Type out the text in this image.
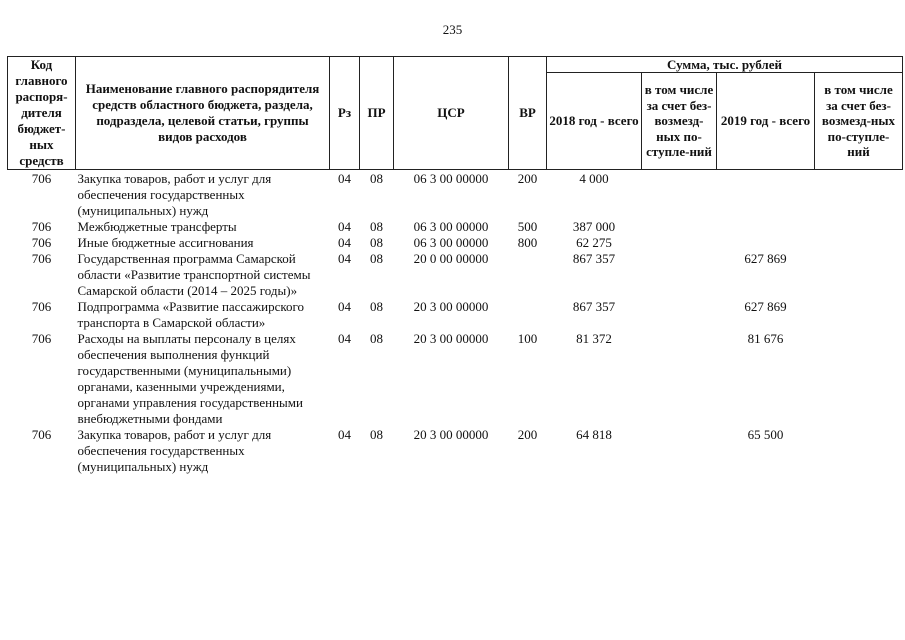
235
Код главного распоря-дителя бюджет-ных средств	Наименование главного распорядителя средств областного бюджета, раздела, подраздела, целевой статьи, группы видов расходов	Рз	ПР	ЦСР	ВР	Сумма, тыс. рублей			
						2018 год - всего	в том числе за счет без-возмезд-ных по-ступле-ний	2019 год - всего	в том числе за счет без-возмезд-ных по-ступле-ний
706	Закупка товаров, работ и услуг для обеспечения государственных (муниципальных) нужд	04	08	06 3 00 00000	200	4 000			
706	Межбюджетные трансферты	04	08	06 3 00 00000	500	387 000			
706	Иные бюджетные ассигнования	04	08	06 3 00 00000	800	62 275			
706	Государственная программа Самарской области «Развитие транспортной системы Самарской области (2014 – 2025 годы)»	04	08	20 0 00 00000		867 357		627 869	
706	Подпрограмма «Развитие пассажирского транспорта в Самарской области»	04	08	20 3 00 00000		867 357		627 869	
706	Расходы на выплаты персоналу в целях обеспечения выполнения функций государственными (муниципальными) органами, казенными учреждениями, органами управления государственными внебюджетными фондами	04	08	20 3 00 00000	100	81 372		81 676	
706	Закупка товаров, работ и услуг для обеспечения государственных (муниципальных) нужд	04	08	20 3 00 00000	200	64 818		65 500	
